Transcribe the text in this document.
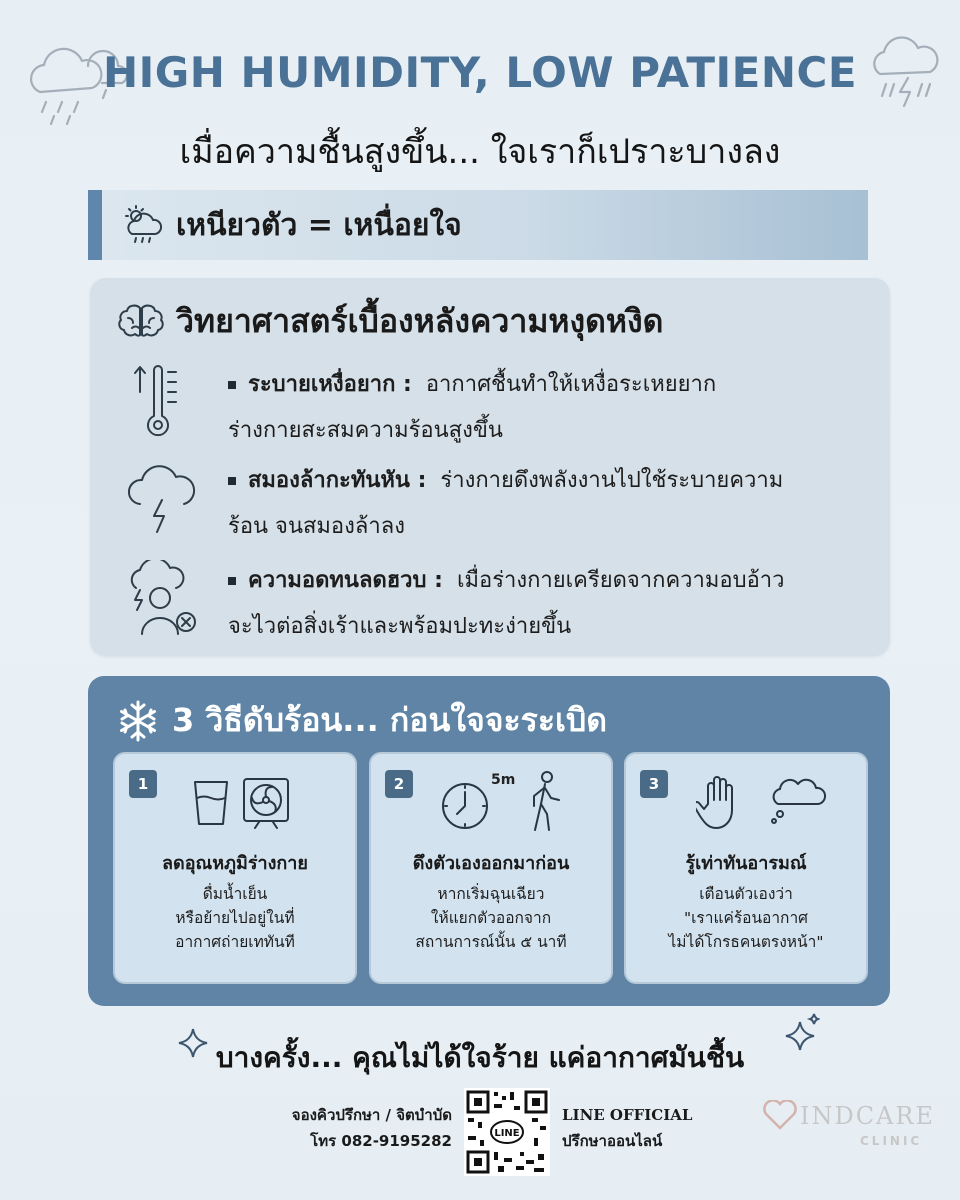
HIGH HUMIDITY, LOW PATIENCE
เมื่อความชื้นสูงขึ้น... ใจเราก็เปราะบางลง
เหนียวตัว = เหนื่อยใจ
วิทยาศาสตร์เบื้องหลังความหงุดหงิด
ระบายเหงื่อยาก : อากาศชื้นทำให้เหงื่อระเหยยาก
ร่างกายสะสมความร้อนสูงขึ้น
สมองล้ากะทันหัน : ร่างกายดึงพลังงานไปใช้ระบายความ
ร้อน จนสมองล้าลง
ความอดทนลดฮวบ : เมื่อร่างกายเครียดจากความอบอ้าว
จะไวต่อสิ่งเร้าและพร้อมปะทะง่ายขึ้น
3 วิธีดับร้อน... ก่อนใจจะระเบิด
1
ลดอุณหภูมิร่างกาย
ดื่มน้ำเย็น
หรือย้ายไปอยู่ในที่
อากาศถ่ายเททันที
2	5m
ดึงตัวเองออกมาก่อน
หากเริ่มฉุนเฉียว
ให้แยกตัวออกจาก
สถานการณ์นั้น ๕ นาที
3
รู้เท่าทันอารมณ์
เตือนตัวเองว่า
"เราแค่ร้อนอากาศ
ไม่ได้โกรธคนตรงหน้า"
บางครั้ง... คุณไม่ได้ใจร้าย แค่อากาศมันชื้น
จองคิวปรึกษา / จิตบำบัด
โทร 082-9195282	LINE
LINE OFFICIAL
ปรึกษาออนไลน์
INDCARE
CLINIC
